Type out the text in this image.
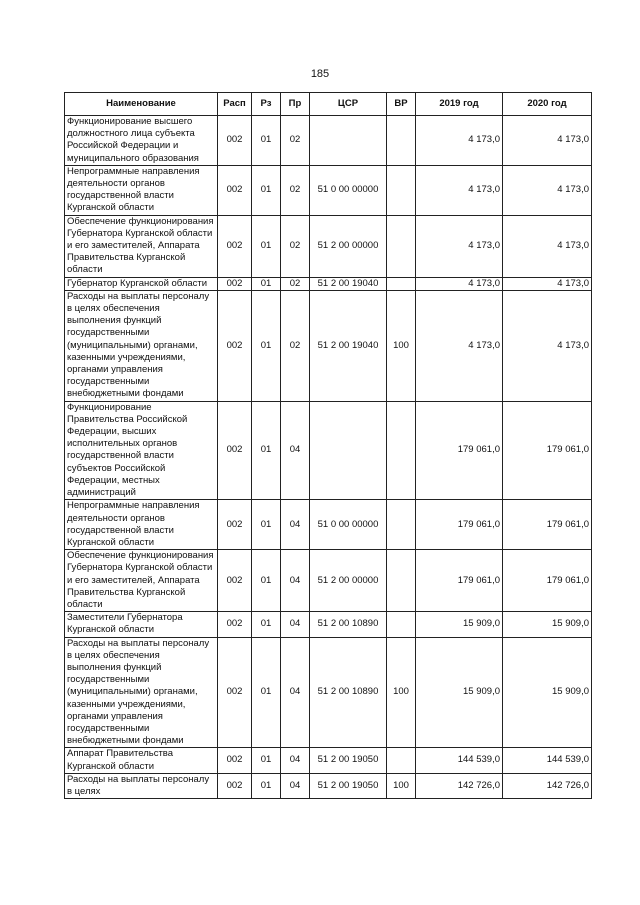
185
Наименование	Расп	Рз	Пр	ЦСР	ВР	2019 год	2020 год
Функционирование высшего должностного лица субъекта Российской Федерации и муниципального образования	002	01	02			4 173,0	4 173,0
Непрограммные направления деятельности органов государственной власти Курганской области	002	01	02	51 0 00 00000		4 173,0	4 173,0
Обеспечение функционирования Губернатора Курганской области и его заместителей, Аппарата Правительства Курганской области	002	01	02	51 2 00 00000		4 173,0	4 173,0
Губернатор Курганской области	002	01	02	51 2 00 19040		4 173,0	4 173,0
Расходы на выплаты персоналу в целях обеспечения выполнения функций государственными (муниципальными) органами, казенными учреждениями, органами управления государственными внебюджетными фондами	002	01	02	51 2 00 19040	100	4 173,0	4 173,0
Функционирование Правительства Российской Федерации, высших исполнительных органов государственной власти субъектов Российской Федерации, местных администраций	002	01	04			179 061,0	179 061,0
Непрограммные направления деятельности органов государственной власти Курганской области	002	01	04	51 0 00 00000		179 061,0	179 061,0
Обеспечение функционирования Губернатора Курганской области и его заместителей, Аппарата Правительства Курганской области	002	01	04	51 2 00 00000		179 061,0	179 061,0
Заместители Губернатора Курганской области	002	01	04	51 2 00 10890		15 909,0	15 909,0
Расходы на выплаты персоналу в целях обеспечения выполнения функций государственными (муниципальными) органами, казенными учреждениями, органами управления государственными внебюджетными фондами	002	01	04	51 2 00 10890	100	15 909,0	15 909,0
Аппарат Правительства Курганской области	002	01	04	51 2 00 19050		144 539,0	144 539,0
Расходы на выплаты персоналу в целях	002	01	04	51 2 00 19050	100	142 726,0	142 726,0
